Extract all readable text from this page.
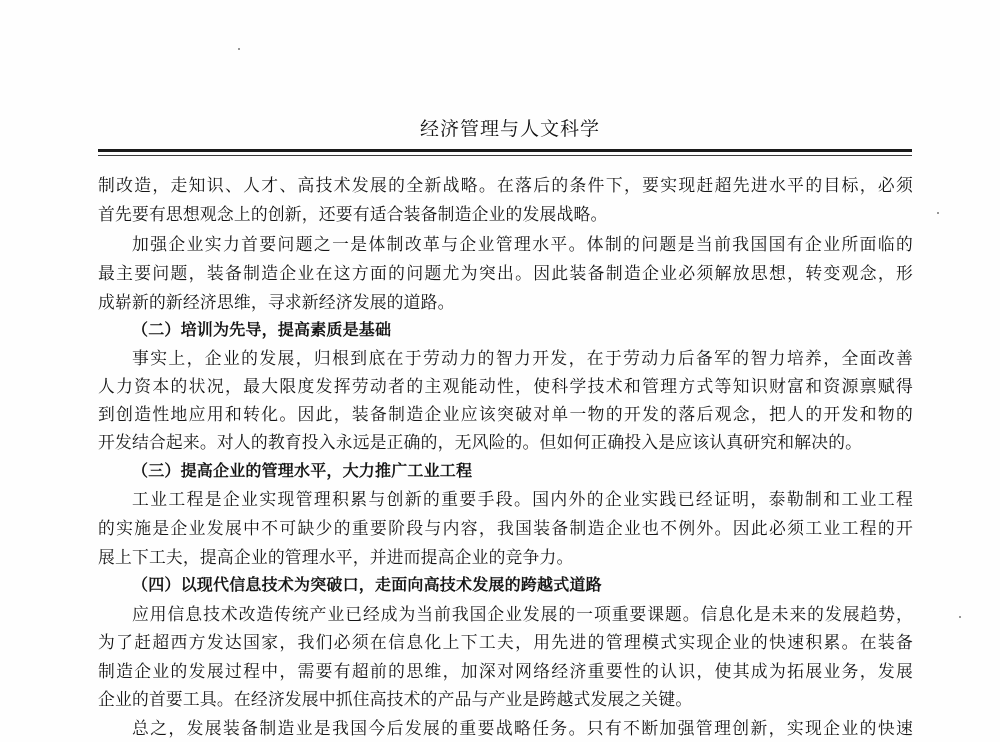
经济管理与人文科学
制改造，走知识、人才、高技术发展的全新战略。在落后的条件下，要实现赶超先进水平的目标，必须
首先要有思想观念上的创新，还要有适合装备制造企业的发展战略。
加强企业实力首要问题之一是体制改革与企业管理水平。体制的问题是当前我国国有企业所面临的
最主要问题，装备制造企业在这方面的问题尤为突出。因此装备制造企业必须解放思想，转变观念，形
成崭新的新经济思维，寻求新经济发展的道路。
（二）培训为先导，提高素质是基础
事实上，企业的发展，归根到底在于劳动力的智力开发，在于劳动力后备军的智力培养，全面改善
人力资本的状况，最大限度发挥劳动者的主观能动性，使科学技术和管理方式等知识财富和资源禀赋得
到创造性地应用和转化。因此，装备制造企业应该突破对单一物的开发的落后观念，把人的开发和物的
开发结合起来。对人的教育投入永远是正确的，无风险的。但如何正确投入是应该认真研究和解决的。
（三）提高企业的管理水平，大力推广工业工程
工业工程是企业实现管理积累与创新的重要手段。国内外的企业实践已经证明，泰勒制和工业工程
的实施是企业发展中不可缺少的重要阶段与内容，我国装备制造企业也不例外。因此必须工业工程的开
展上下工夫，提高企业的管理水平，并进而提高企业的竞争力。
（四）以现代信息技术为突破口，走面向高技术发展的跨越式道路
应用信息技术改造传统产业已经成为当前我国企业发展的一项重要课题。信息化是未来的发展趋势，
为了赶超西方发达国家，我们必须在信息化上下工夫，用先进的管理模式实现企业的快速积累。在装备
制造企业的发展过程中，需要有超前的思维，加深对网络经济重要性的认识，使其成为拓展业务，发展
企业的首要工具。在经济发展中抓住高技术的产品与产业是跨越式发展之关键。
总之，发展装备制造业是我国今后发展的重要战略任务。只有不断加强管理创新，实现企业的快速
